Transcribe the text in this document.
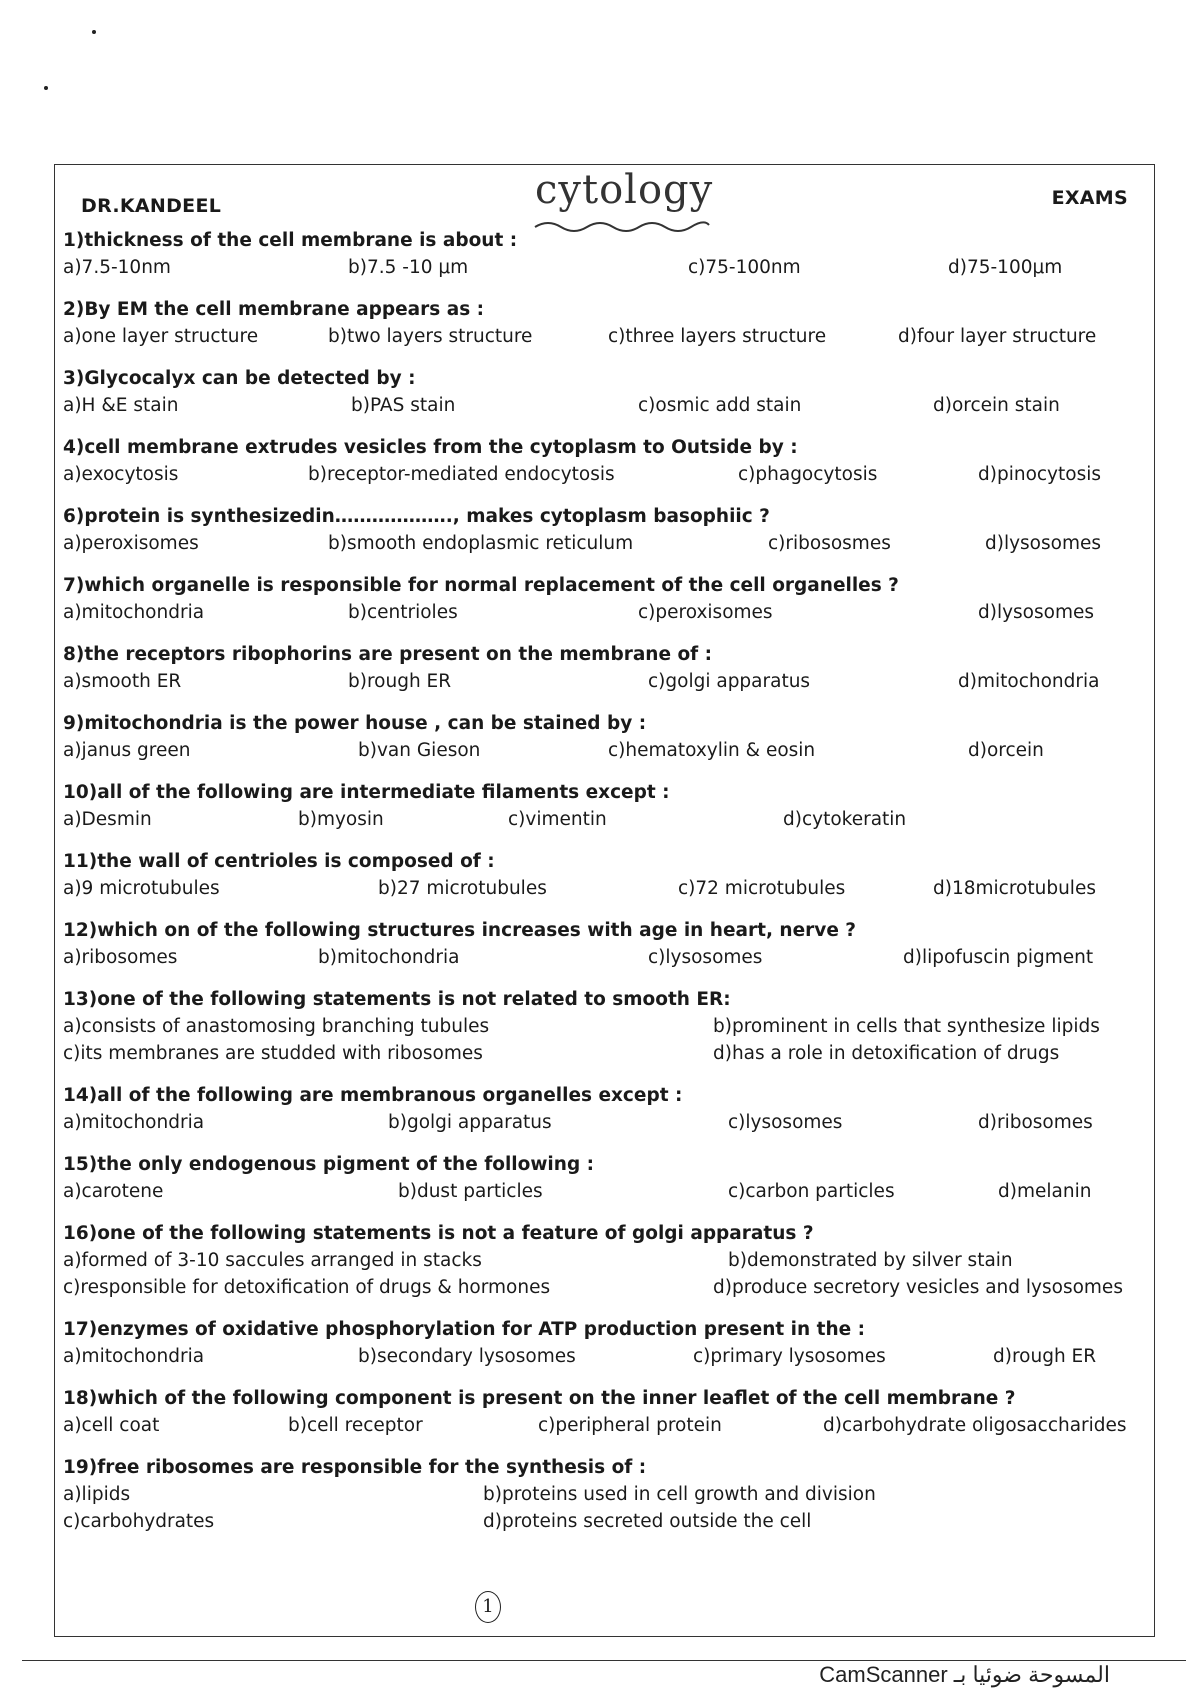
DR.KANDEEL	cytology	EXAMS
1)thickness of the cell membrane is about :
a)7.5-10nm	b)7.5 -10 μm	c)75-100nm	d)75-100μm
2)By EM the cell membrane appears as :
a)one layer structure	b)two layers structure	c)three layers structure	d)four layer structure
3)Glycocalyx can be detected by :
a)H &E stain	b)PAS stain	c)osmic add stain	d)orcein stain
4)cell membrane extrudes vesicles from the cytoplasm to Outside by :
a)exocytosis	b)receptor-mediated endocytosis	c)phagocytosis	d)pinocytosis
6)protein is synthesizedin………………., makes cytoplasm basophiic ?
a)peroxisomes	b)smooth endoplasmic reticulum	c)ribososmes	d)lysosomes
7)which organelle is responsible for normal replacement of the cell organelles ?
a)mitochondria	b)centrioles	c)peroxisomes	d)lysosomes
8)the receptors ribophorins are present on the membrane of :
a)smooth ER	b)rough ER	c)golgi apparatus	d)mitochondria
9)mitochondria is the power house , can be stained by :
a)janus green	b)van Gieson	c)hematoxylin & eosin	d)orcein
10)all of the following are intermediate filaments except :
a)Desmin	b)myosin	c)vimentin	d)cytokeratin
11)the wall of centrioles is composed of :
a)9 microtubules	b)27 microtubules	c)72 microtubules	d)18microtubules
12)which on of the following structures increases with age in heart, nerve ?
a)ribosomes	b)mitochondria	c)lysosomes	d)lipofuscin pigment
13)one of the following statements is not related to smooth ER:
a)consists of anastomosing branching tubules	b)prominent in cells that synthesize lipids
c)its membranes are studded with ribosomes	d)has a role in detoxification of drugs
14)all of the following are membranous organelles except :
a)mitochondria	b)golgi apparatus	c)lysosomes	d)ribosomes
15)the only endogenous pigment of the following :
a)carotene	b)dust particles	c)carbon particles	d)melanin
16)one of the following statements is not a feature of golgi apparatus ?
a)formed of 3-10 saccules arranged in stacks	b)demonstrated by silver stain
c)responsible for detoxification of drugs & hormones	d)produce secretory vesicles and lysosomes
17)enzymes of oxidative phosphorylation for ATP production present in the :
a)mitochondria	b)secondary lysosomes	c)primary lysosomes	d)rough ER
18)which of the following component is present on the inner leaflet of the cell membrane ?
a)cell coat	b)cell receptor	c)peripheral protein	d)carbohydrate oligosaccharides
19)free ribosomes are responsible for the synthesis of :
a)lipids	b)proteins used in cell growth and division
c)carbohydrates	d)proteins secreted outside the cell
1
CamScanner المسوحة ضوئيا بـ
